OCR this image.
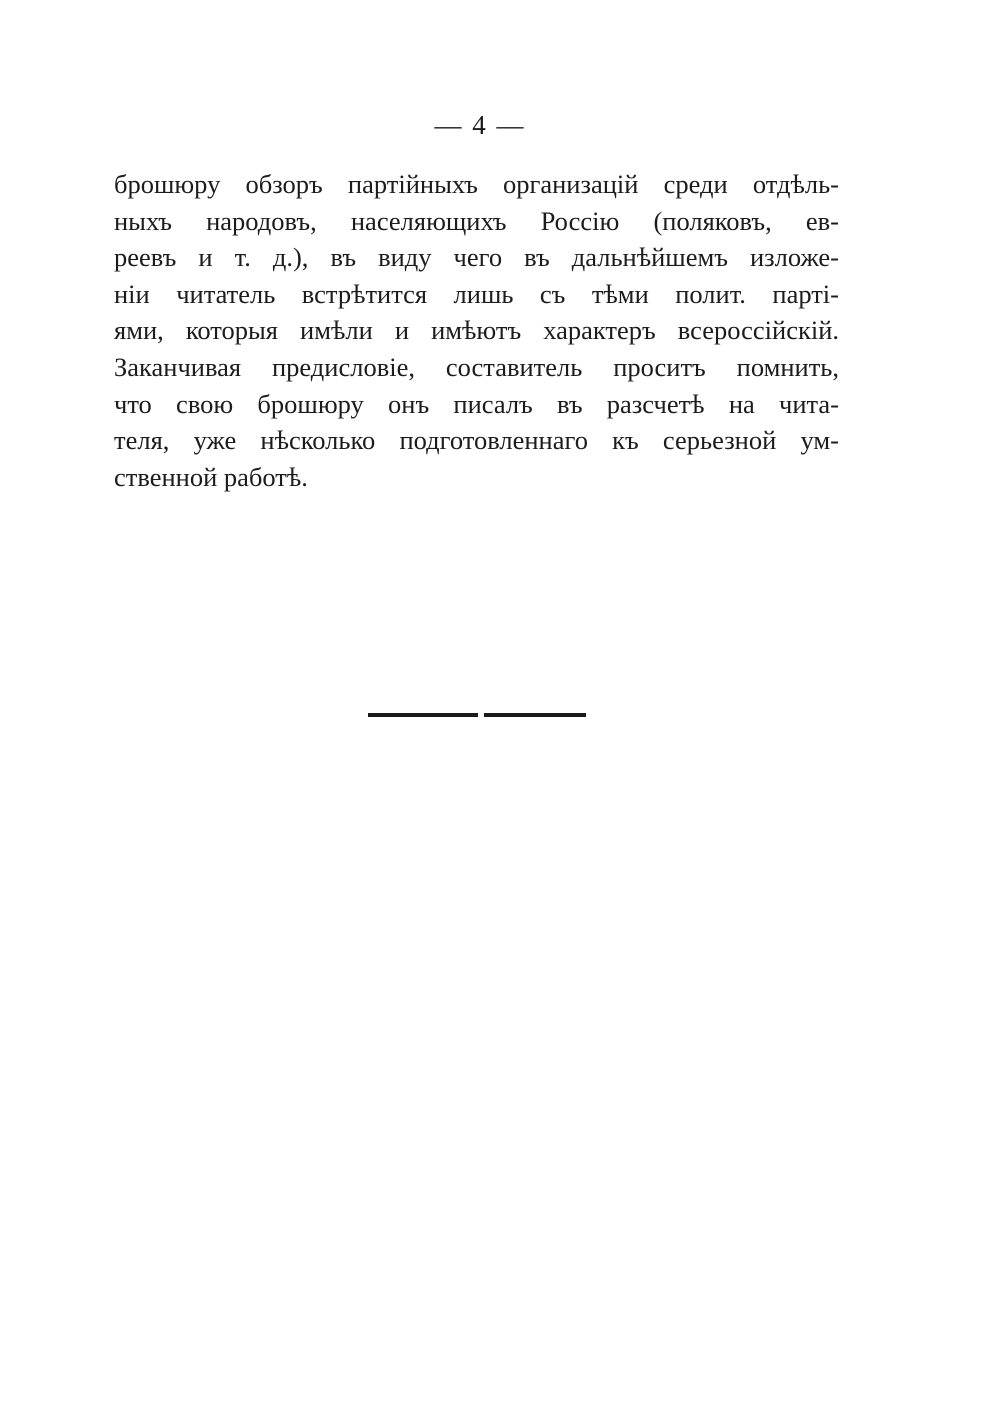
— 4 —
брошюру обзоръ партійныхъ организацій среди отдѣль-
ныхъ народовъ, населяющихъ Россію (поляковъ, ев-
реевъ и т. д.), въ виду чего въ дальнѣйшемъ изложе-
ніи читатель встрѣтится лишь съ тѣми полит. партi-
ями, которыя имѣли и имѣютъ характеръ всероссійскій.
Заканчивая предисловіе, составитель проситъ помнить,
что свою брошюру онъ писалъ въ разсчетѣ на чита-
теля, уже нѣсколько подготовленнаго къ серьезной ум-
ственной работѣ.
